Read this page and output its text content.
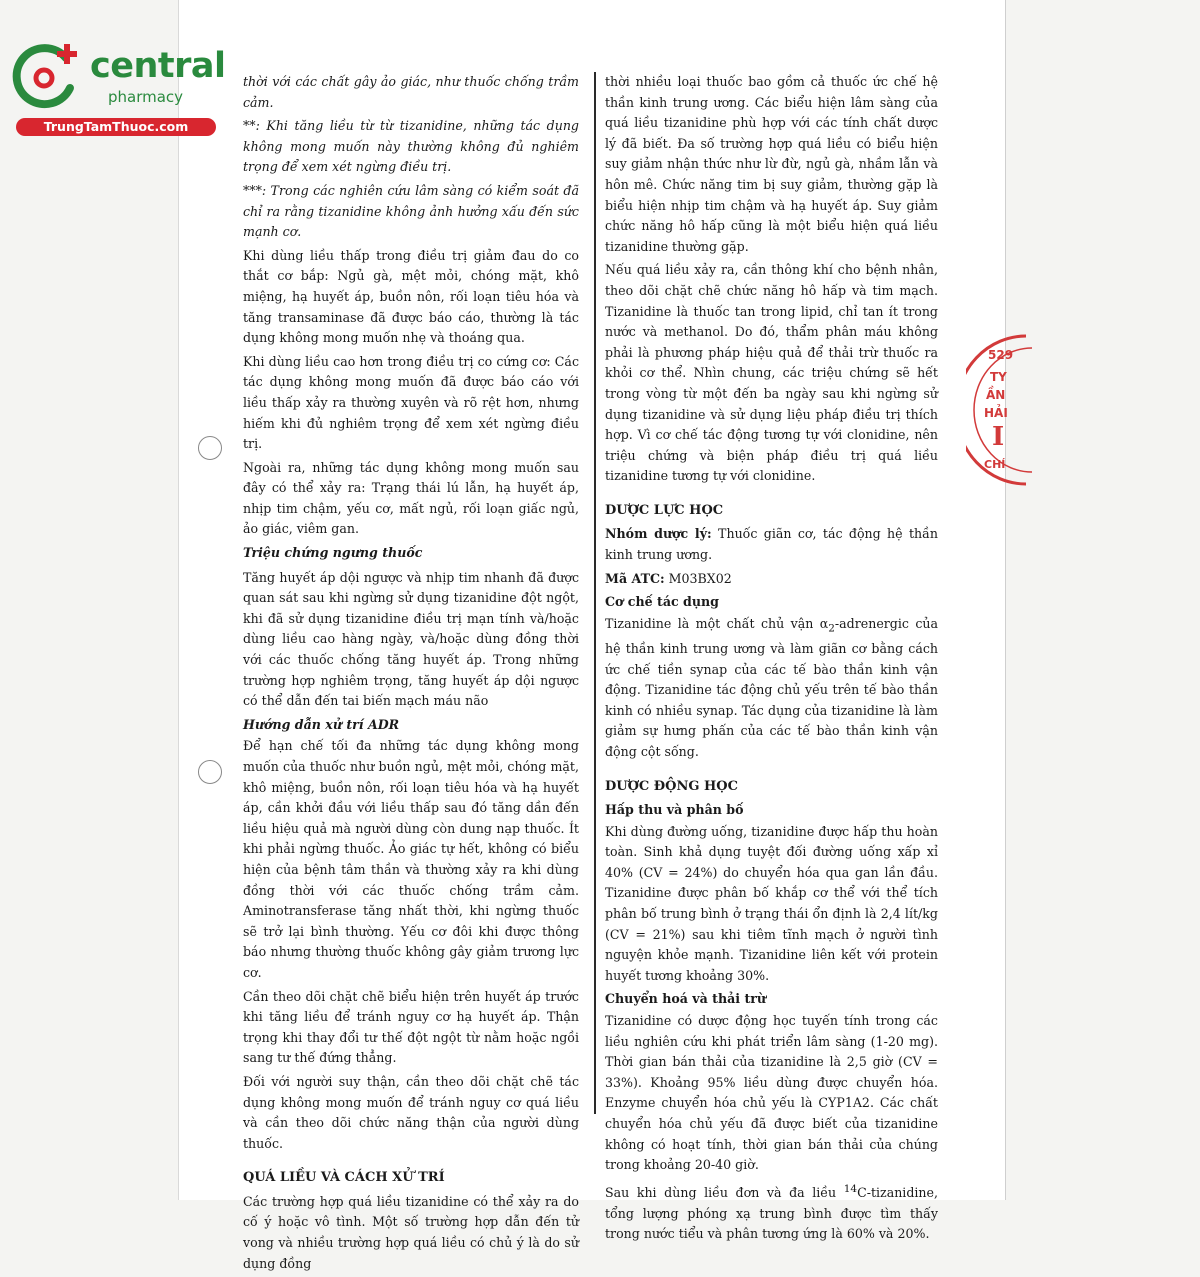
central
pharmacy
TrungTamThuoc.com

thời với các chất gây ảo giác, như thuốc chống trầm cảm.

**: Khi tăng liều từ từ tizanidine, những tác dụng không mong muốn này thường không đủ nghiêm trọng để xem xét ngừng điều trị.

***: Trong các nghiên cứu lâm sàng có kiểm soát đã chỉ ra rằng tizanidine không ảnh hưởng xấu đến sức mạnh cơ.

Khi dùng liều thấp trong điều trị giảm đau do co thắt cơ bắp: Ngủ gà, mệt mỏi, chóng mặt, khô miệng, hạ huyết áp, buồn nôn, rối loạn tiêu hóa và tăng transaminase đã được báo cáo, thường là tác dụng không mong muốn nhẹ và thoáng qua.

Khi dùng liều cao hơn trong điều trị co cứng cơ: Các tác dụng không mong muốn đã được báo cáo với liều thấp xảy ra thường xuyên và rõ rệt hơn, nhưng hiếm khi đủ nghiêm trọng để xem xét ngừng điều trị.

Ngoài ra, những tác dụng không mong muốn sau đây có thể xảy ra: Trạng thái lú lẫn, hạ huyết áp, nhịp tim chậm, yếu cơ, mất ngủ, rối loạn giấc ngủ, ảo giác, viêm gan.

Triệu chứng ngưng thuốc

Tăng huyết áp dội ngược và nhịp tim nhanh đã được quan sát sau khi ngừng sử dụng tizanidine đột ngột, khi đã sử dụng tizanidine điều trị mạn tính và/hoặc dùng liều cao hàng ngày, và/hoặc dùng đồng thời với các thuốc chống tăng huyết áp. Trong những trường hợp nghiêm trọng, tăng huyết áp dội ngược có thể dẫn đến tai biến mạch máu não

Hướng dẫn xử trí ADR

Để hạn chế tối đa những tác dụng không mong muốn của thuốc như buồn ngủ, mệt mỏi, chóng mặt, khô miệng, buồn nôn, rối loạn tiêu hóa và hạ huyết áp, cần khởi đầu với liều thấp sau đó tăng dần đến liều hiệu quả mà người dùng còn dung nạp thuốc. Ít khi phải ngừng thuốc. Ảo giác tự hết, không có biểu hiện của bệnh tâm thần và thường xảy ra khi dùng đồng thời với các thuốc chống trầm cảm. Aminotransferase tăng nhất thời, khi ngừng thuốc sẽ trở lại bình thường. Yếu cơ đôi khi được thông báo nhưng thường thuốc không gây giảm trương lực cơ.

Cần theo dõi chặt chẽ biểu hiện trên huyết áp trước khi tăng liều để tránh nguy cơ hạ huyết áp. Thận trọng khi thay đổi tư thế đột ngột từ nằm hoặc ngồi sang tư thế đứng thẳng.

Đối với người suy thận, cần theo dõi chặt chẽ tác dụng không mong muốn để tránh nguy cơ quá liều và cần theo dõi chức năng thận của người dùng thuốc.

QUÁ LIỀU VÀ CÁCH XỬ TRÍ

Các trường hợp quá liều tizanidine có thể xảy ra do cố ý hoặc vô tình. Một số trường hợp dẫn đến tử vong và nhiều trường hợp quá liều có chủ ý là do sử dụng đồng

thời nhiều loại thuốc bao gồm cả thuốc ức chế hệ thần kinh trung ương. Các biểu hiện lâm sàng của quá liều tizanidine phù hợp với các tính chất dược lý đã biết. Đa số trường hợp quá liều có biểu hiện suy giảm nhận thức như lừ đừ, ngủ gà, nhầm lẫn và hôn mê. Chức năng tim bị suy giảm, thường gặp là biểu hiện nhịp tim chậm và hạ huyết áp. Suy giảm chức năng hô hấp cũng là một biểu hiện quá liều tizanidine thường gặp.

Nếu quá liều xảy ra, cần thông khí cho bệnh nhân, theo dõi chặt chẽ chức năng hô hấp và tim mạch. Tizanidine là thuốc tan trong lipid, chỉ tan ít trong nước và methanol. Do đó, thẩm phân máu không phải là phương pháp hiệu quả để thải trừ thuốc ra khỏi cơ thể. Nhìn chung, các triệu chứng sẽ hết trong vòng từ một đến ba ngày sau khi ngừng sử dụng tizanidine và sử dụng liệu pháp điều trị thích hợp. Vì cơ chế tác động tương tự với clonidine, nên triệu chứng và biện pháp điều trị quá liều tizanidine tương tự với clonidine.

DƯỢC LỰC HỌC

Nhóm dược lý: Thuốc giãn cơ, tác động hệ thần kinh trung ương.

Mã ATC: M03BX02

Cơ chế tác dụng

Tizanidine là một chất chủ vận $\alpha_2$-adrenergic của hệ thần kinh trung ương và làm giãn cơ bằng cách ức chế tiền synap của các tế bào thần kinh vận động. Tizanidine tác động chủ yếu trên tế bào thần kinh có nhiều synap. Tác dụng của tizanidine là làm giảm sự hưng phấn của các tế bào thần kinh vận động cột sống.

DƯỢC ĐỘNG HỌC
Hấp thu và phân bố

Khi dùng đường uống, tizanidine được hấp thu hoàn toàn. Sinh khả dụng tuyệt đối đường uống xấp xỉ 40% (CV = 24%) do chuyển hóa qua gan lần đầu. Tizanidine được phân bố khắp cơ thể với thể tích phân bố trung bình ở trạng thái ổn định là 2,4 lít/kg (CV = 21%) sau khi tiêm tĩnh mạch ở người tình nguyện khỏe mạnh. Tizanidine liên kết với protein huyết tương khoảng 30%.

Chuyển hoá và thải trừ

Tizanidine có dược động học tuyến tính trong các liều nghiên cứu khi phát triển lâm sàng (1-20 mg). Thời gian bán thải của tizanidine là 2,5 giờ (CV = 33%). Khoảng 95% liều dùng được chuyển hóa. Enzyme chuyển hóa chủ yếu là CYP1A2. Các chất chuyển hóa chủ yếu đã được biết của tizanidine không có hoạt tính, thời gian bán thải của chúng trong khoảng 20-40 giờ.

Sau khi dùng liều đơn và đa liều $^{14}$C-tizanidine, tổng lượng phóng xạ trung bình được tìm thấy trong nước tiểu và phân tương ứng là 60% và 20%.

529
TY
ẦN
HẢI
I
CHÍ
